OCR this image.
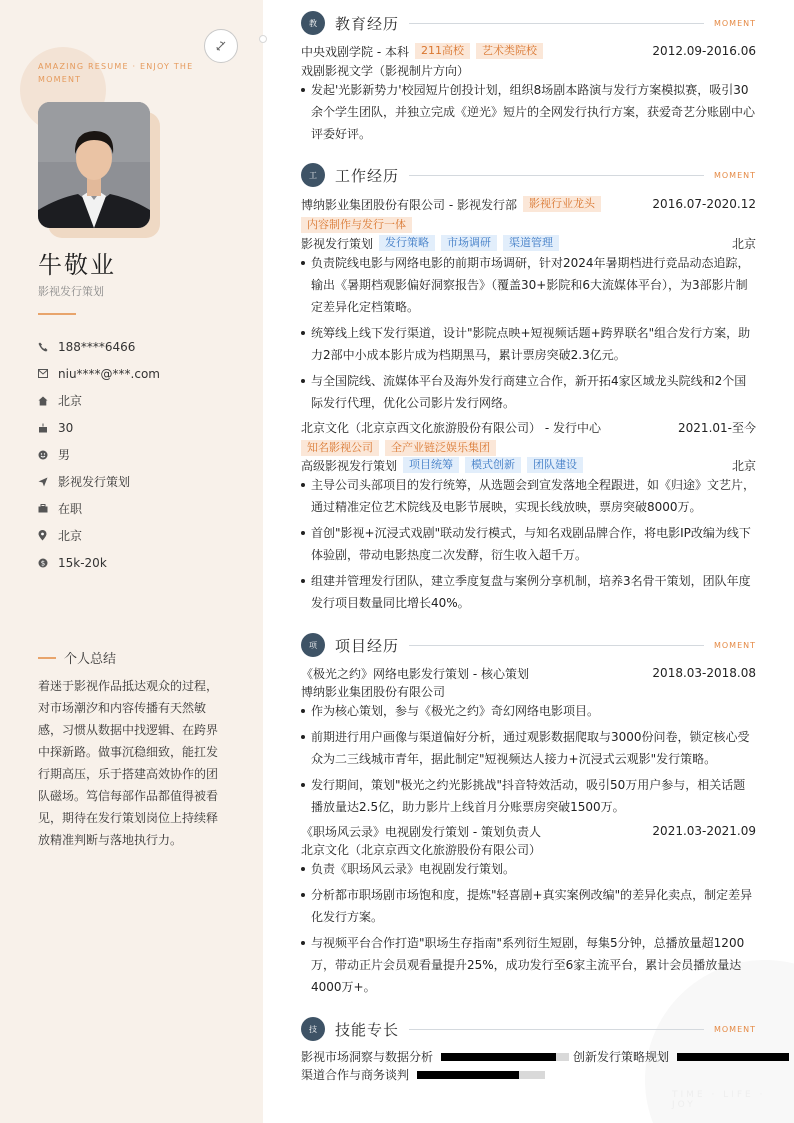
AMAZING RESUME · ENJOY THE MOMENT
牛敬业
影视发行策划
188****6466
niu****@***.com
北京
30
男
影视发行策划
在职
北京
$ 15k-20k
个人总结
着迷于影视作品抵达观众的过程，对市场潮汐和内容传播有天然敏感，习惯从数据中找逻辑、在跨界中探新路。做事沉稳细致，能扛发行期高压，乐于搭建高效协作的团队磁场。笃信每部作品都值得被看见，期待在发行策划岗位上持续释放精准判断与落地执行力。
教	教育经历	MOMENT
中央戏剧学院 - 本科	211高校	艺术类院校	2012.09-2016.06
戏剧影视文学（影视制片方向）
发起'光影新势力'校园短片创投计划，组织8场剧本路演与发行方案模拟赛，吸引30余个学生团队，并独立完成《逆光》短片的全网发行执行方案，获爱奇艺分账剧中心评委好评。
工	工作经历	MOMENT
博纳影业集团股份有限公司 - 影视发行部	影视行业龙头	2016.07-2020.12
内容制作与发行一体
影视发行策划	发行策略	市场调研	渠道管理	北京
负责院线电影与网络电影的前期市场调研，针对2024年暑期档进行竞品动态追踪，输出《暑期档观影偏好洞察报告》（覆盖30+影院和6大流媒体平台），为3部影片制定差异化定档策略。
统筹线上线下发行渠道，设计"影院点映+短视频话题+跨界联名"组合发行方案，助力2部中小成本影片成为档期黑马，累计票房突破2.3亿元。
与全国院线、流媒体平台及海外发行商建立合作，新开拓4家区域龙头院线和2个国际发行代理，优化公司影片发行网络。
北京文化（北京京西文化旅游股份有限公司） - 发行中心	2021.01-至今
知名影视公司	全产业链泛娱乐集团
高级影视发行策划	项目统筹	模式创新	团队建设	北京
主导公司头部项目的发行统筹，从选题会到宣发落地全程跟进，如《归途》文艺片，通过精准定位艺术院线及电影节展映，实现长线放映，票房突破8000万。
首创"影视+沉浸式戏剧"联动发行模式，与知名戏剧品牌合作，将电影IP改编为线下体验剧，带动电影热度二次发酵，衍生收入超千万。
组建并管理发行团队，建立季度复盘与案例分享机制，培养3名骨干策划，团队年度发行项目数量同比增长40%。
项	项目经历	MOMENT
《极光之约》网络电影发行策划 - 核心策划	2018.03-2018.08
博纳影业集团股份有限公司
作为核心策划，参与《极光之约》奇幻网络电影项目。
前期进行用户画像与渠道偏好分析，通过观影数据爬取与3000份问卷，锁定核心受众为二三线城市青年，据此制定"短视频达人接力+沉浸式云观影"发行策略。
发行期间，策划"极光之约光影挑战"抖音特效活动，吸引50万用户参与，相关话题播放量达2.5亿，助力影片上线首月分账票房突破1500万。
《职场风云录》电视剧发行策划 - 策划负责人	2021.03-2021.09
北京文化（北京京西文化旅游股份有限公司）
负责《职场风云录》电视剧发行策划。
分析都市职场剧市场饱和度，提炼"轻喜剧+真实案例改编"的差异化卖点，制定差异化发行方案。
与视频平台合作打造"职场生存指南"系列衍生短剧，每集5分钟，总播放量超1200万，带动正片会员观看量提升25%，成功发行至6家主流平台，累计会员播放量达4000万+。
技	技能专长	MOMENT
影视市场洞察与数据分析	创新发行策略规划
渠道合作与商务谈判
TIME · LIFE · JOY
